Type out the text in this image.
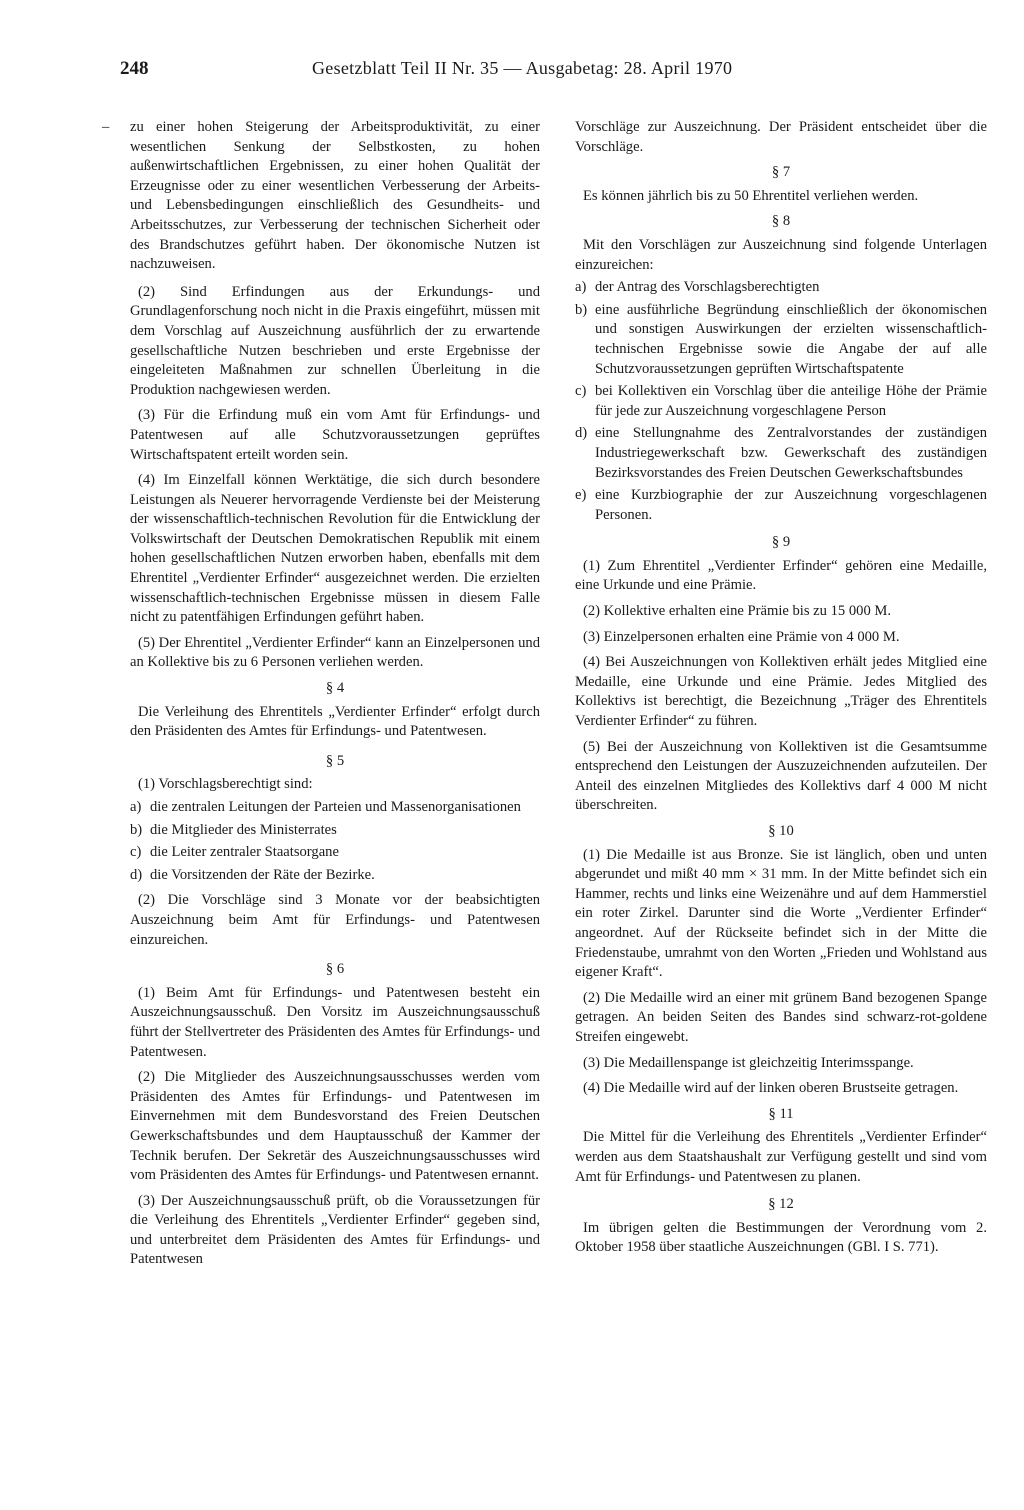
248	Gesetzblatt Teil II Nr. 35 — Ausgabetag: 28. April 1970
– zu einer hohen Steigerung der Arbeitsproduktivität, zu einer wesentlichen Senkung der Selbstkosten, zu hohen außenwirtschaftlichen Ergebnissen, zu einer hohen Qualität der Erzeugnisse oder zu einer wesentlichen Verbesserung der Arbeits- und Lebensbedingungen einschließlich des Gesundheits- und Arbeitsschutzes, zur Verbesserung der technischen Sicherheit oder des Brandschutzes geführt haben. Der ökonomische Nutzen ist nachzuweisen.

(2) Sind Erfindungen aus der Erkundungs- und Grundlagenforschung noch nicht in die Praxis eingeführt, müssen mit dem Vorschlag auf Auszeichnung ausführlich der zu erwartende gesellschaftliche Nutzen beschrieben und erste Ergebnisse der eingeleiteten Maßnahmen zur schnellen Überleitung in die Produktion nachgewiesen werden.

(3) Für die Erfindung muß ein vom Amt für Erfindungs- und Patentwesen auf alle Schutzvoraussetzungen geprüftes Wirtschaftspatent erteilt worden sein.

(4) Im Einzelfall können Werktätige, die sich durch besondere Leistungen als Neuerer hervorragende Verdienste bei der Meisterung der wissenschaftlich-technischen Revolution für die Entwicklung der Volkswirtschaft der Deutschen Demokratischen Republik mit einem hohen gesellschaftlichen Nutzen erworben haben, ebenfalls mit dem Ehrentitel „Verdienter Erfinder“ ausgezeichnet werden. Die erzielten wissenschaftlich-technischen Ergebnisse müssen in diesem Falle nicht zu patentfähigen Erfindungen geführt haben.

(5) Der Ehrentitel „Verdienter Erfinder“ kann an Einzelpersonen und an Kollektive bis zu 6 Personen verliehen werden.

§ 4

Die Verleihung des Ehrentitels „Verdienter Erfinder“ erfolgt durch den Präsidenten des Amtes für Erfindungs- und Patentwesen.

§ 5

(1) Vorschlagsberechtigt sind:

a) die zentralen Leitungen der Parteien und Massenorganisationen
b) die Mitglieder des Ministerrates
c) die Leiter zentraler Staatsorgane
d) die Vorsitzenden der Räte der Bezirke.

(2) Die Vorschläge sind 3 Monate vor der beabsichtigten Auszeichnung beim Amt für Erfindungs- und Patentwesen einzureichen.

§ 6

(1) Beim Amt für Erfindungs- und Patentwesen besteht ein Auszeichnungsausschuß. Den Vorsitz im Auszeichnungsausschuß führt der Stellvertreter des Präsidenten des Amtes für Erfindungs- und Patentwesen.

(2) Die Mitglieder des Auszeichnungsausschusses werden vom Präsidenten des Amtes für Erfindungs- und Patentwesen im Einvernehmen mit dem Bundesvorstand des Freien Deutschen Gewerkschaftsbundes und dem Hauptausschuß der Kammer der Technik berufen. Der Sekretär des Auszeichnungsausschusses wird vom Präsidenten des Amtes für Erfindungs- und Patentwesen ernannt.

(3) Der Auszeichnungsausschuß prüft, ob die Voraussetzungen für die Verleihung des Ehrentitels „Verdienter Erfinder“ gegeben sind, und unterbreitet dem Präsidenten des Amtes für Erfindungs- und Patentwesen

Vorschläge zur Auszeichnung. Der Präsident entscheidet über die Vorschläge.

§ 7

Es können jährlich bis zu 50 Ehrentitel verliehen werden.

§ 8

Mit den Vorschlägen zur Auszeichnung sind folgende Unterlagen einzureichen:

a) der Antrag des Vorschlagsberechtigten
b) eine ausführliche Begründung einschließlich der ökonomischen und sonstigen Auswirkungen der erzielten wissenschaftlich-technischen Ergebnisse sowie die Angabe der auf alle Schutzvoraussetzungen geprüften Wirtschaftspatente
c) bei Kollektiven ein Vorschlag über die anteilige Höhe der Prämie für jede zur Auszeichnung vorgeschlagene Person
d) eine Stellungnahme des Zentralvorstandes der zuständigen Industriegewerkschaft bzw. Gewerkschaft des zuständigen Bezirksvorstandes des Freien Deutschen Gewerkschaftsbundes
e) eine Kurzbiographie der zur Auszeichnung vorgeschlagenen Personen.
§ 9

(1) Zum Ehrentitel „Verdienter Erfinder“ gehören eine Medaille, eine Urkunde und eine Prämie.

(2) Kollektive erhalten eine Prämie bis zu 15 000 M.

(3) Einzelpersonen erhalten eine Prämie von 4 000 M.

(4) Bei Auszeichnungen von Kollektiven erhält jedes Mitglied eine Medaille, eine Urkunde und eine Prämie. Jedes Mitglied des Kollektivs ist berechtigt, die Bezeichnung „Träger des Ehrentitels Verdienter Erfinder“ zu führen.

(5) Bei der Auszeichnung von Kollektiven ist die Gesamtsumme entsprechend den Leistungen der Auszuzeichnenden aufzuteilen. Der Anteil des einzelnen Mitgliedes des Kollektivs darf 4 000 M nicht überschreiten.

§ 10

(1) Die Medaille ist aus Bronze. Sie ist länglich, oben und unten abgerundet und mißt 40 mm × 31 mm. In der Mitte befindet sich ein Hammer, rechts und links eine Weizenähre und auf dem Hammerstiel ein roter Zirkel. Darunter sind die Worte „Verdienter Erfinder“ angeordnet. Auf der Rückseite befindet sich in der Mitte die Friedenstaube, umrahmt von den Worten „Frieden und Wohlstand aus eigener Kraft“.

(2) Die Medaille wird an einer mit grünem Band bezogenen Spange getragen. An beiden Seiten des Bandes sind schwarz-rot-goldene Streifen eingewebt.

(3) Die Medaillenspange ist gleichzeitig Interimsspange.

(4) Die Medaille wird auf der linken oberen Brustseite getragen.

§ 11

Die Mittel für die Verleihung des Ehrentitels „Verdienter Erfinder“ werden aus dem Staatshaushalt zur Verfügung gestellt und sind vom Amt für Erfindungs- und Patentwesen zu planen.

§ 12

Im übrigen gelten die Bestimmungen der Verordnung vom 2. Oktober 1958 über staatliche Auszeichnungen (GBl. I S. 771).
